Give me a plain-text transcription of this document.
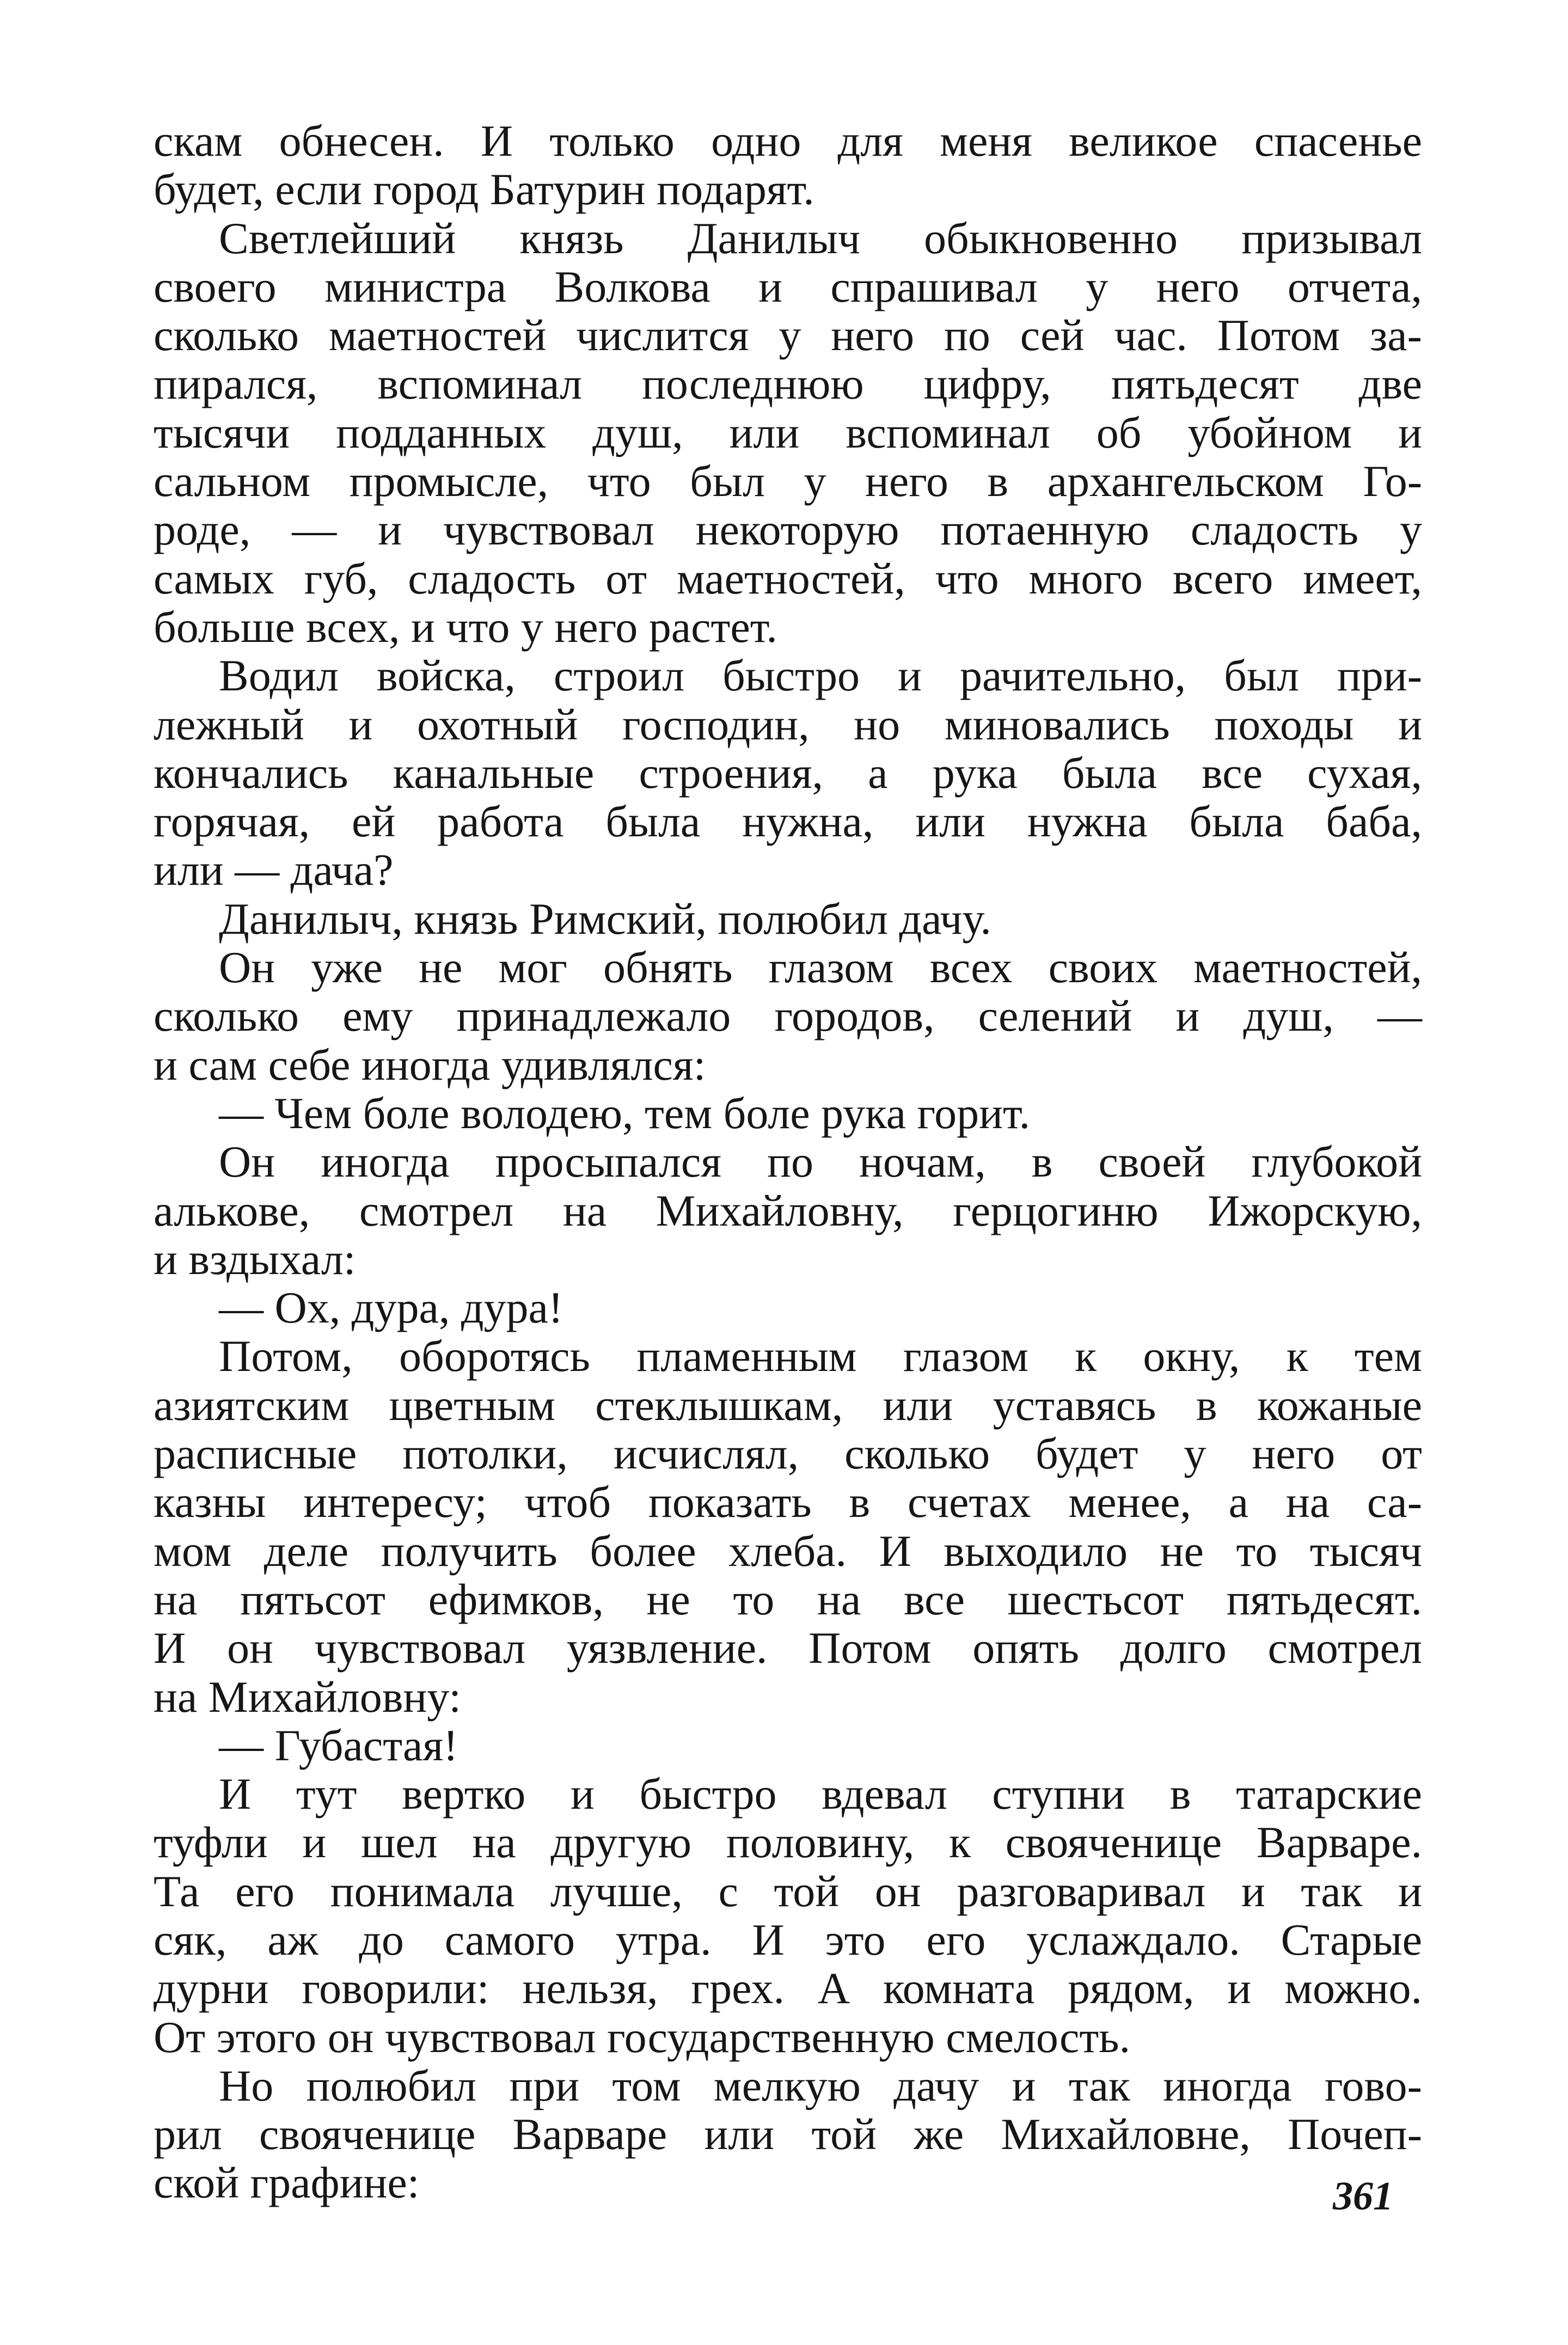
скам обнесен. И только одно для меня великое спасенье
будет, если город Батурин подарят.
Светлейший князь Данилыч обыкновенно призывал
своего министра Волкова и спрашивал у него отчета,
сколько маетностей числится у него по сей час. Потом за-
пирался, вспоминал последнюю цифру, пятьдесят две
тысячи подданных душ, или вспоминал об убойном и
сальном промысле, что был у него в архангельском Го-
роде, — и чувствовал некоторую потаенную сладость у
самых губ, сладость от маетностей, что много всего имеет,
больше всех, и что у него растет.
Водил войска, строил быстро и рачительно, был при-
лежный и охотный господин, но миновались походы и
кончались канальные строения, а рука была все сухая,
горячая, ей работа была нужна, или нужна была баба,
или — дача?
Данилыч, князь Римский, полюбил дачу.
Он уже не мог обнять глазом всех своих маетностей,
сколько ему принадлежало городов, селений и душ, —
и сам себе иногда удивлялся:
— Чем боле володею, тем боле рука горит.
Он иногда просыпался по ночам, в своей глубокой
алькове, смотрел на Михайловну, герцогиню Ижорскую,
и вздыхал:
— Ох, дура, дура!
Потом, оборотясь пламенным глазом к окну, к тем
азиятским цветным стеклышкам, или уставясь в кожаные
расписные потолки, исчислял, сколько будет у него от
казны интересу; чтоб показать в счетах менее, а на са-
мом деле получить более хлеба. И выходило не то тысяч
на пятьсот ефимков, не то на все шестьсот пятьдесят.
И он чувствовал уязвление. Потом опять долго смотрел
на Михайловну:
— Губастая!
И тут вертко и быстро вдевал ступни в татарские
туфли и шел на другую половину, к свояченице Варваре.
Та его понимала лучше, с той он разговаривал и так и
сяк, аж до самого утра. И это его услаждало. Старые
дурни говорили: нельзя, грех. А комната рядом, и можно.
От этого он чувствовал государственную смелость.
Но полюбил при том мелкую дачу и так иногда гово-
рил свояченице Варваре или той же Михайловне, Почеп-
ской графине:	361
